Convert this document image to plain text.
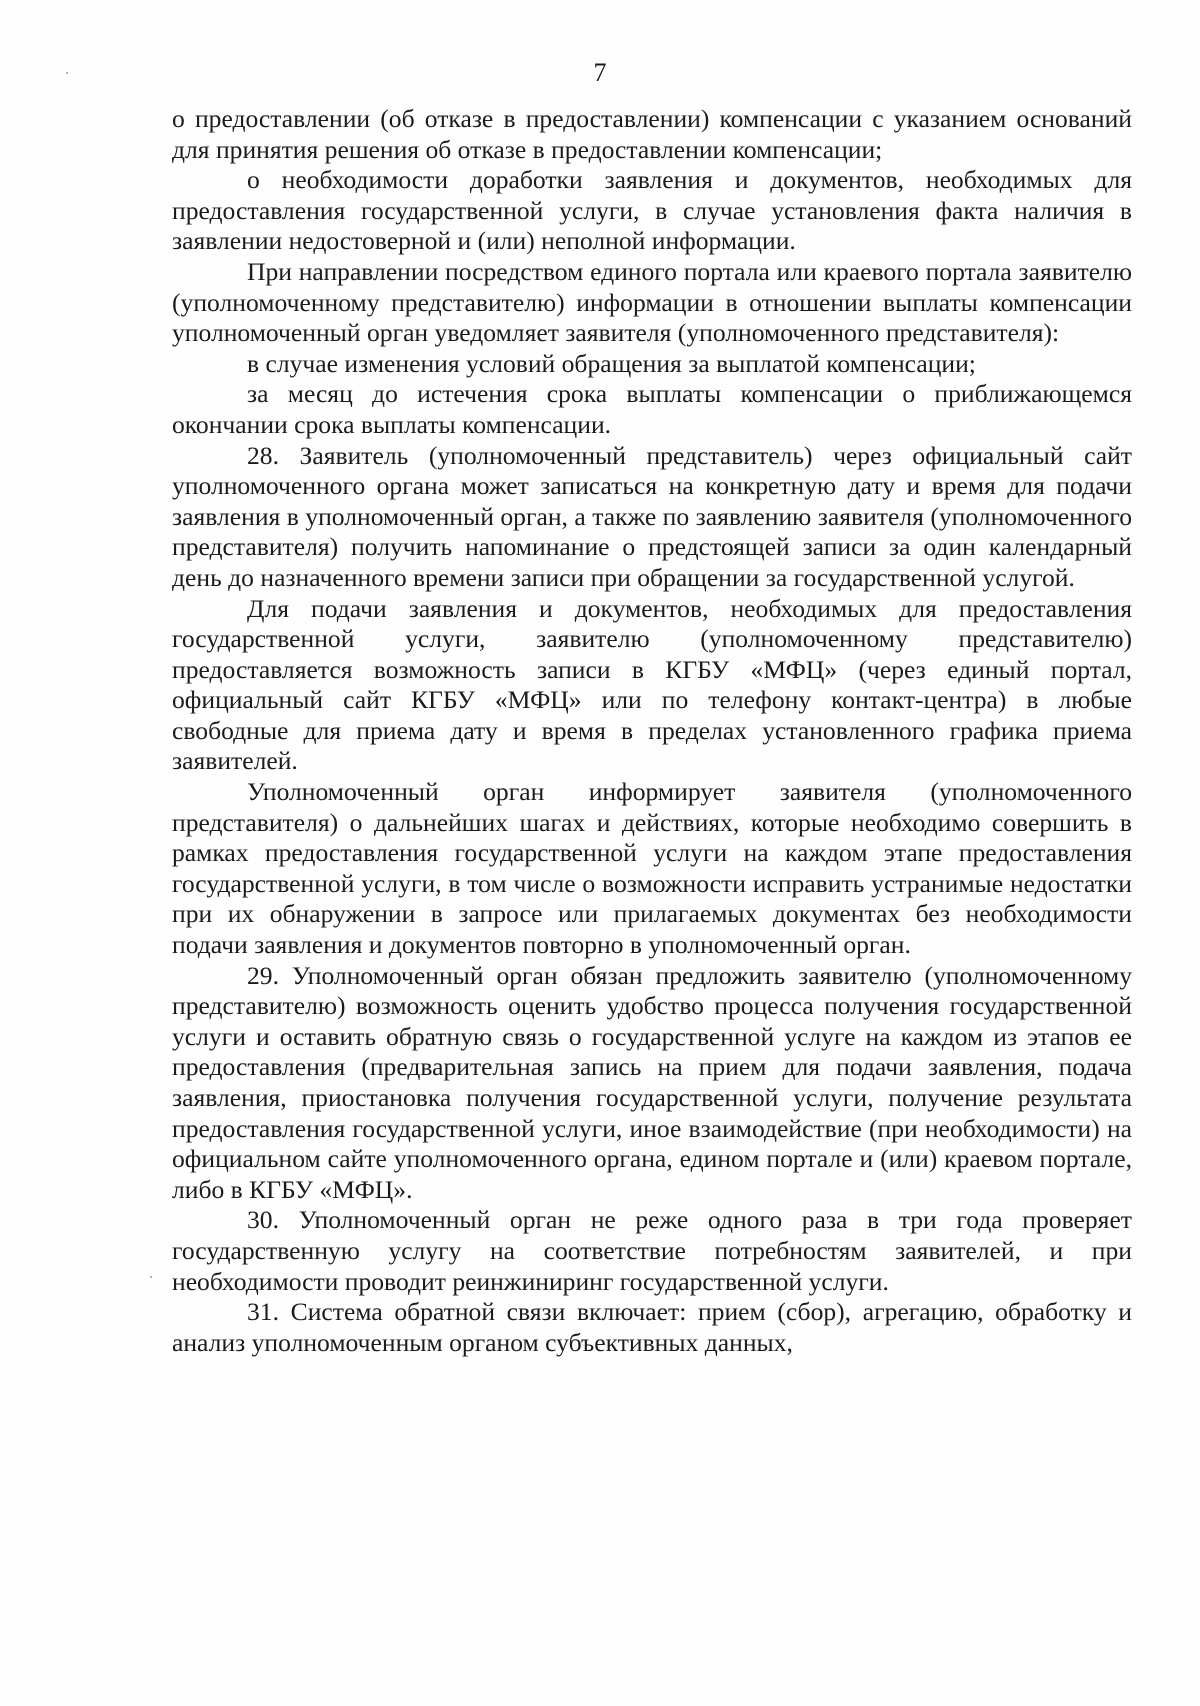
7

о предоставлении (об отказе в предоставлении) компенсации с указанием оснований для принятия решения об отказе в предоставлении компенсации;

о необходимости доработки заявления и документов, необходимых для предоставления государственной услуги, в случае установления факта наличия в заявлении недостоверной и (или) неполной информации.

При направлении посредством единого портала или краевого портала заявителю (уполномоченному представителю) информации в отношении выплаты компенсации уполномоченный орган уведомляет заявителя (уполномоченного представителя):

в случае изменения условий обращения за выплатой компенсации;

за месяц до истечения срока выплаты компенсации о приближающемся окончании срока выплаты компенсации.

28. Заявитель (уполномоченный представитель) через официальный сайт уполномоченного органа может записаться на конкретную дату и время для подачи заявления в уполномоченный орган, а также по заявлению заявителя (уполномоченного представителя) получить напоминание о предстоящей записи за один календарный день до назначенного времени записи при обращении за государственной услугой.

Для подачи заявления и документов, необходимых для предоставления государственной услуги, заявителю (уполномоченному представителю) предоставляется возможность записи в КГБУ «МФЦ» (через единый портал, официальный сайт КГБУ «МФЦ» или по телефону контакт-центра) в любые свободные для приема дату и время в пределах установленного графика приема заявителей.

Уполномоченный орган информирует заявителя (уполномоченного представителя) о дальнейших шагах и действиях, которые необходимо совершить в рамках предоставления государственной услуги на каждом этапе предоставления государственной услуги, в том числе о возможности исправить устранимые недостатки при их обнаружении в запросе или прилагаемых документах без необходимости подачи заявления и документов повторно в уполномоченный орган.

29. Уполномоченный орган обязан предложить заявителю (уполномоченному представителю) возможность оценить удобство процесса получения государственной услуги и оставить обратную связь о государственной услуге на каждом из этапов ее предоставления (предварительная запись на прием для подачи заявления, подача заявления, приостановка получения государственной услуги, получение результата предоставления государственной услуги, иное взаимодействие (при необходимости) на официальном сайте уполномоченного органа, едином портале и (или) краевом портале, либо в КГБУ «МФЦ».

30. Уполномоченный орган не реже одного раза в три года проверяет государственную услугу на соответствие потребностям заявителей, и при необходимости проводит реинжиниринг государственной услуги.

31. Система обратной связи включает: прием (сбор), агрегацию, обработку и анализ уполномоченным органом субъективных данных,
